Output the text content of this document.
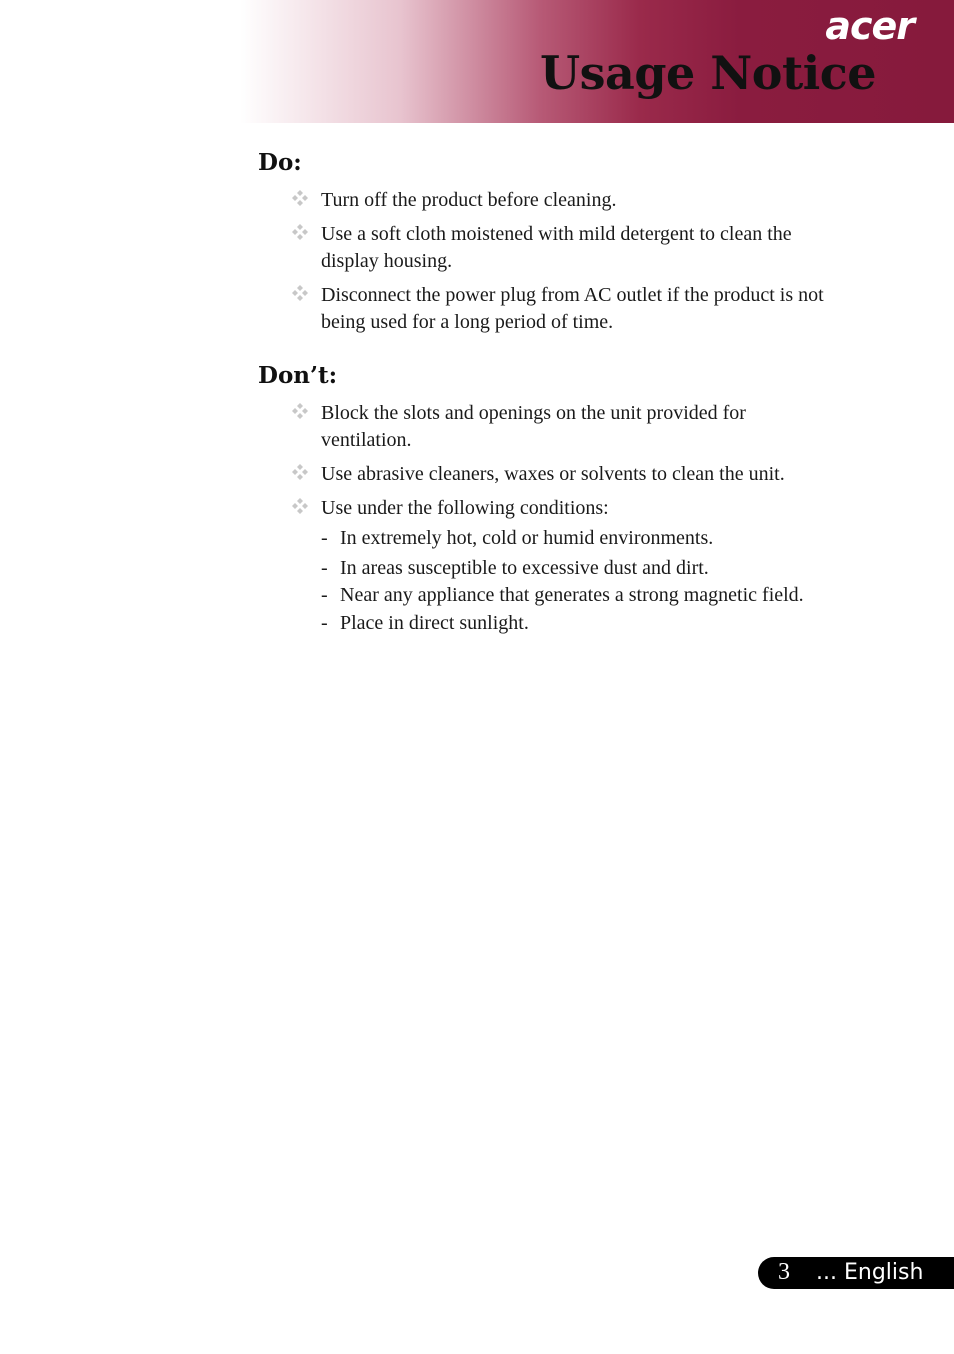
acer
Usage Notice
Do:
Turn off the product before cleaning.
Use a soft cloth moistened with mild detergent to clean the
display housing.
Disconnect the power plug from AC outlet if the product is not
being used for a long period of time.
Don’t:
Block the slots and openings on the unit provided for
ventilation.
Use abrasive cleaners, waxes or solvents to clean the unit.
Use under the following conditions:
- In extremely hot, cold or humid environments.
- In areas susceptible to excessive dust and dirt.
- Near any appliance that generates a strong magnetic field.
- Place in direct sunlight.
3 ... English
